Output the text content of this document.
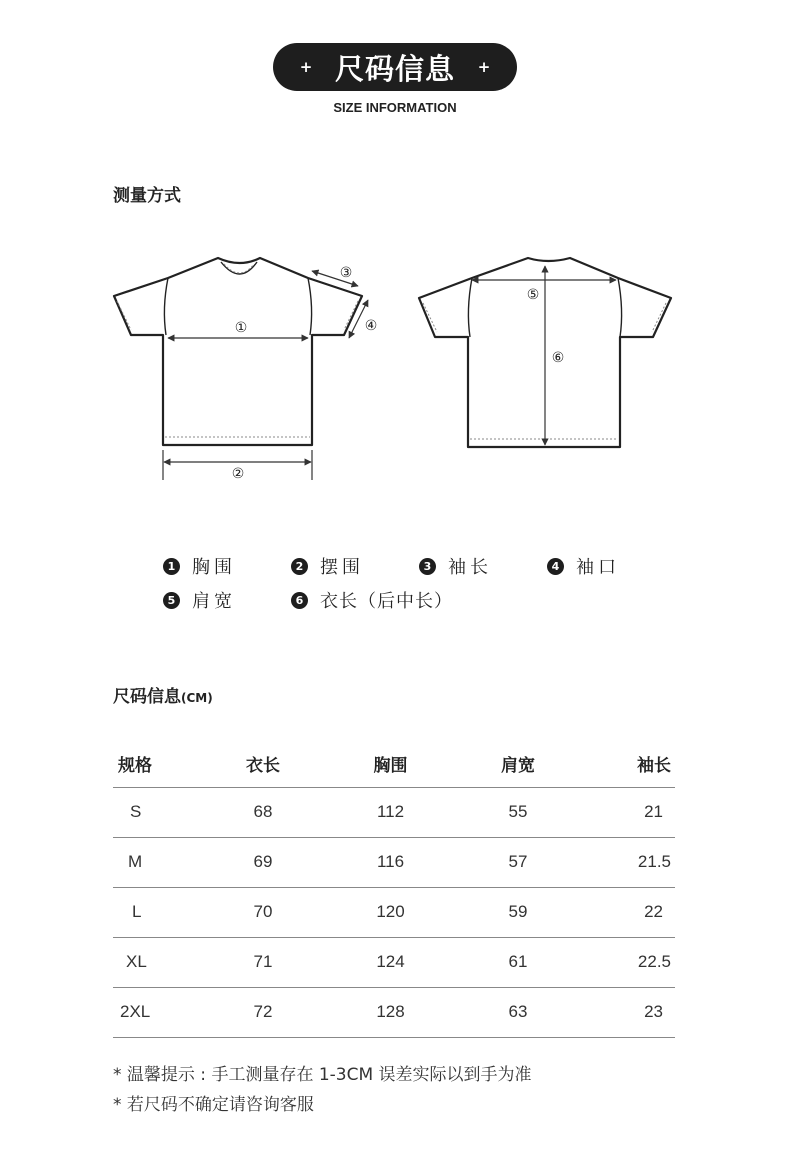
+ 尺码信息 +
SIZE INFORMATION
测量方式
①
②
③
④
⑤
⑥
1 胸围	2 摆围	3 袖长	4 袖口
5 肩宽	6 衣长（后中长）
尺码信息(CM)
规格	衣长	胸围	肩宽	袖长
S	68	112	55	21
M	69	116	57	21.5
L	70	120	59	22
XL	71	124	61	22.5
2XL	72	128	63	23
* 温馨提示 : 手工测量存在 1-3CM 误差实际以到手为准
* 若尺码不确定请咨询客服
